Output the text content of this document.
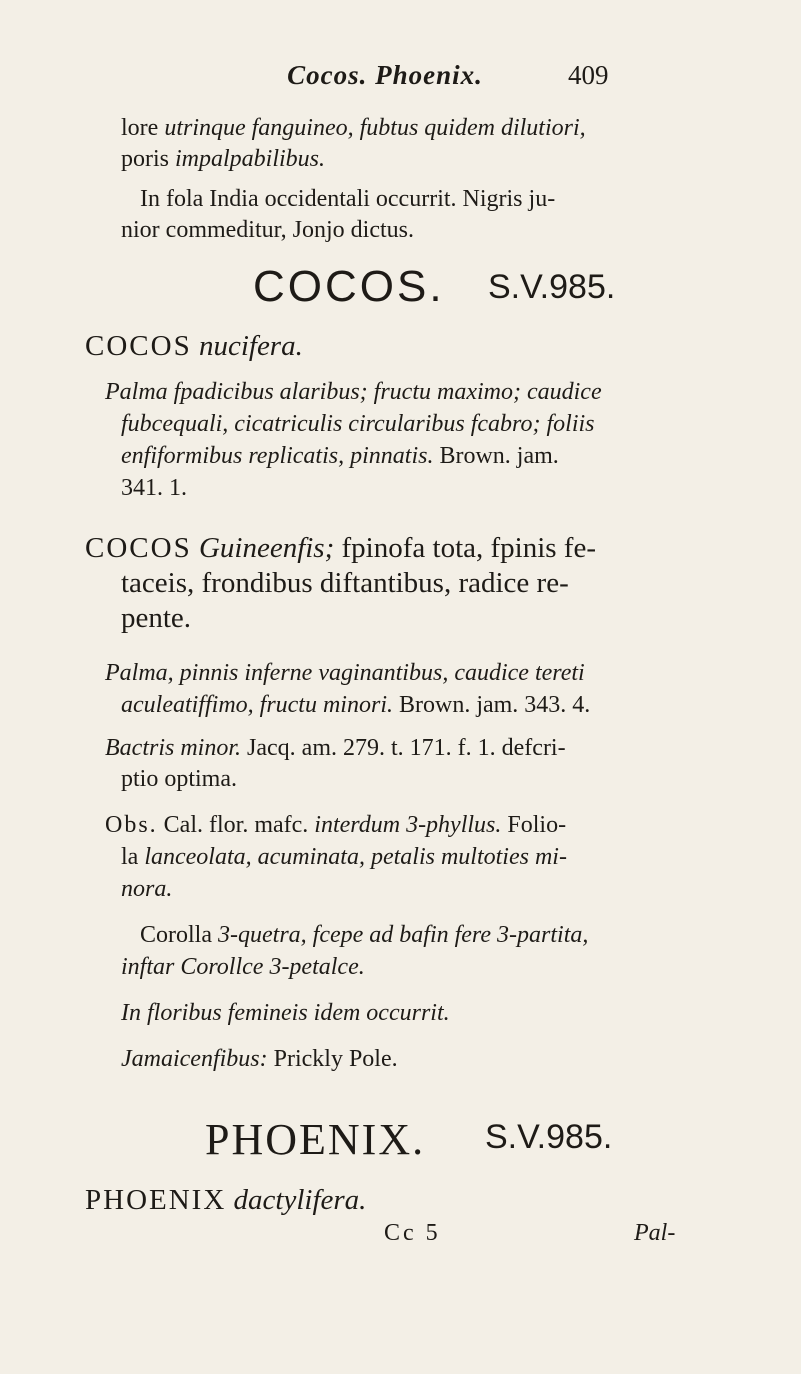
Cocos. Phoenix.	409
lore utrinque fanguineo, fubtus quidem dilutiori,
poris impalpabilibus.
In fola India occidentali occurrit. Nigris ju-
nior commeditur, Jonjo dictus.
COCOS. S.V.985.
COCOS nucifera.
Palma fpadicibus alaribus; fructu maximo; caudice
fubcequali, cicatriculis circularibus fcabro; foliis
enfiformibus replicatis, pinnatis. Brown. jam.
341. 1.
COCOS Guineenfis; fpinofa tota, fpinis fe-
taceis, frondibus diftantibus, radice re-
pente.
Palma, pinnis inferne vaginantibus, caudice tereti
aculeatiffimo, fructu minori. Brown. jam. 343. 4.
Bactris minor. Jacq. am. 279. t. 171. f. 1. defcri-
ptio optima.
Obs. Cal. flor. mafc. interdum 3-phyllus. Folio-
la lanceolata, acuminata, petalis multoties mi-
nora.
Corolla 3-quetra, fcepe ad bafin fere 3-partita,
inftar Corollce 3-petalce.
In floribus femineis idem occurrit.
Jamaicenfibus: Prickly Pole.
PHOENIX. S.V.985.
PHOENIX dactylifera.
Cc 5	Pal-
